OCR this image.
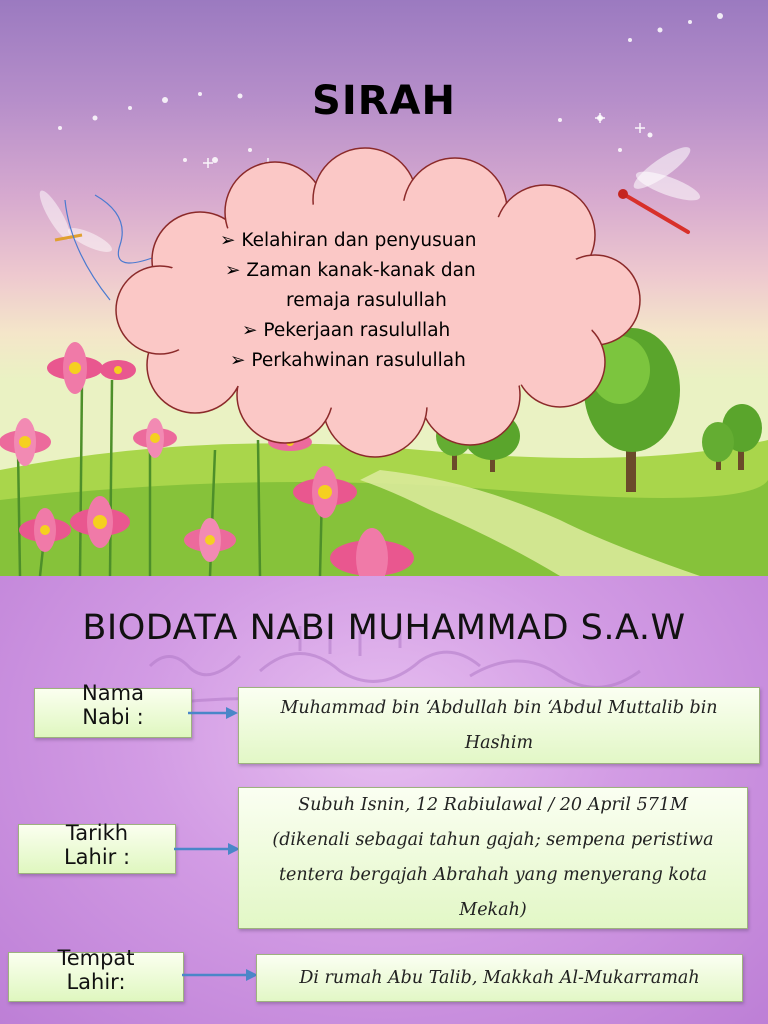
SIRAH
➢ Kelahiran dan penyusuan
➢ Zaman kanak-kanak dan
remaja rasulullah
➢ Pekerjaan rasulullah
➢ Perkahwinan rasulullah
BIODATA NABI MUHAMMAD S.A.W
Nama
Nabi :	Muhammad bin ‘Abdullah bin ‘Abdul Muttalib bin
Hashim
Tarikh
Lahir :
Subuh Isnin, 12 Rabiulawal / 20 April 571M
(dikenali sebagai tahun gajah; sempena peristiwa
tentera bergajah Abrahah yang menyerang kota
Mekah)
Tempat
Lahir:	Di rumah Abu Talib, Makkah Al-Mukarramah
